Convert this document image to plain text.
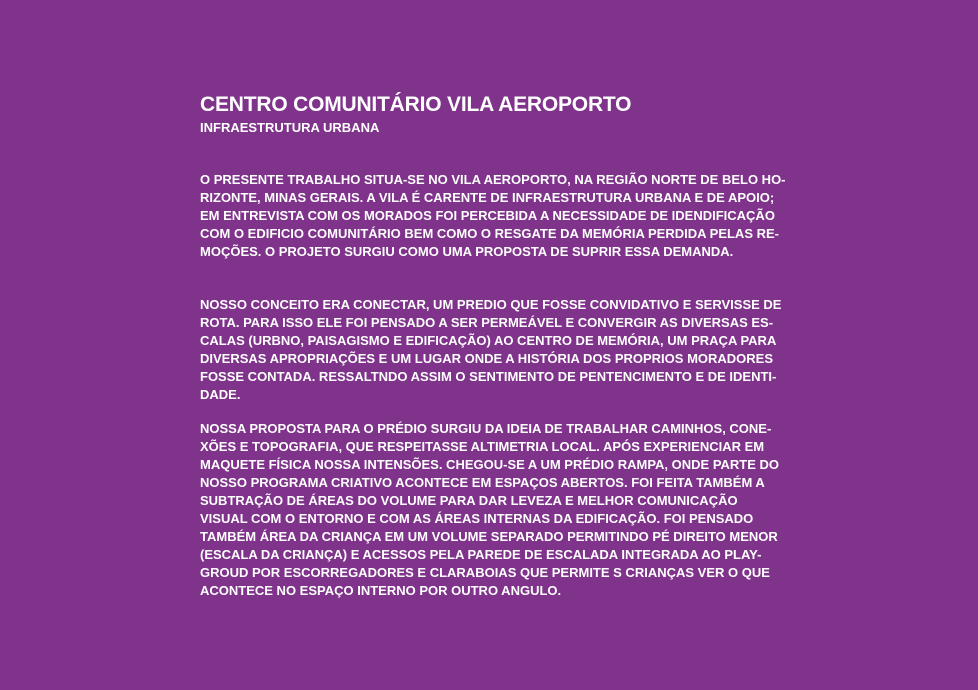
CENTRO COMUNITÁRIO VILA AEROPORTO
INFRAESTRUTURA URBANA

O PRESENTE TRABALHO SITUA-SE NO VILA AEROPORTO, NA REGIÃO NORTE DE BELO HO-
RIZONTE, MINAS GERAIS. A VILA É CARENTE DE INFRAESTRUTURA URBANA E DE APOIO;
EM ENTREVISTA COM OS MORADOS FOI PERCEBIDA A NECESSIDADE DE IDENDIFICAÇÃO
COM O EDIFICIO COMUNITÁRIO BEM COMO O RESGATE DA MEMÓRIA PERDIDA PELAS RE-
MOÇÕES. O PROJETO SURGIU COMO UMA PROPOSTA DE SUPRIR ESSA DEMANDA.

NOSSO CONCEITO ERA CONECTAR, UM PREDIO QUE FOSSE CONVIDATIVO E SERVISSE DE
ROTA. PARA ISSO ELE FOI PENSADO A SER PERMEÁVEL E CONVERGIR AS DIVERSAS ES-
CALAS (URBNO, PAISAGISMO E EDIFICAÇÃO) AO CENTRO DE MEMÓRIA, UM PRAÇA PARA
DIVERSAS APROPRIAÇÕES E UM LUGAR ONDE A HISTÓRIA DOS PROPRIOS MORADORES
FOSSE CONTADA. RESSALTNDO ASSIM O SENTIMENTO DE PENTENCIMENTO E DE IDENTI-
DADE.

NOSSA PROPOSTA PARA O PRÉDIO SURGIU DA IDEIA DE TRABALHAR CAMINHOS, CONE-
XÕES E TOPOGRAFIA, QUE RESPEITASSE ALTIMETRIA LOCAL. APÓS EXPERIENCIAR EM
MAQUETE FÍSICA NOSSA INTENSÕES. CHEGOU-SE A UM PRÉDIO RAMPA, ONDE PARTE DO
NOSSO PROGRAMA CRIATIVO ACONTECE EM ESPAÇOS ABERTOS. FOI FEITA TAMBÉM A
SUBTRAÇÃO DE ÁREAS DO VOLUME PARA DAR LEVEZA E MELHOR COMUNICAÇÃO
VISUAL COM O ENTORNO E COM AS ÁREAS INTERNAS DA EDIFICAÇÃO. FOI PENSADO
TAMBÉM ÁREA DA CRIANÇA EM UM VOLUME SEPARADO PERMITINDO PÉ DIREITO MENOR
(ESCALA DA CRIANÇA) E ACESSOS PELA PAREDE DE ESCALADA INTEGRADA AO PLAY-
GROUD POR ESCORREGADORES E CLARABOIAS QUE PERMITE S CRIANÇAS VER O QUE
ACONTECE NO ESPAÇO INTERNO POR OUTRO ANGULO.
